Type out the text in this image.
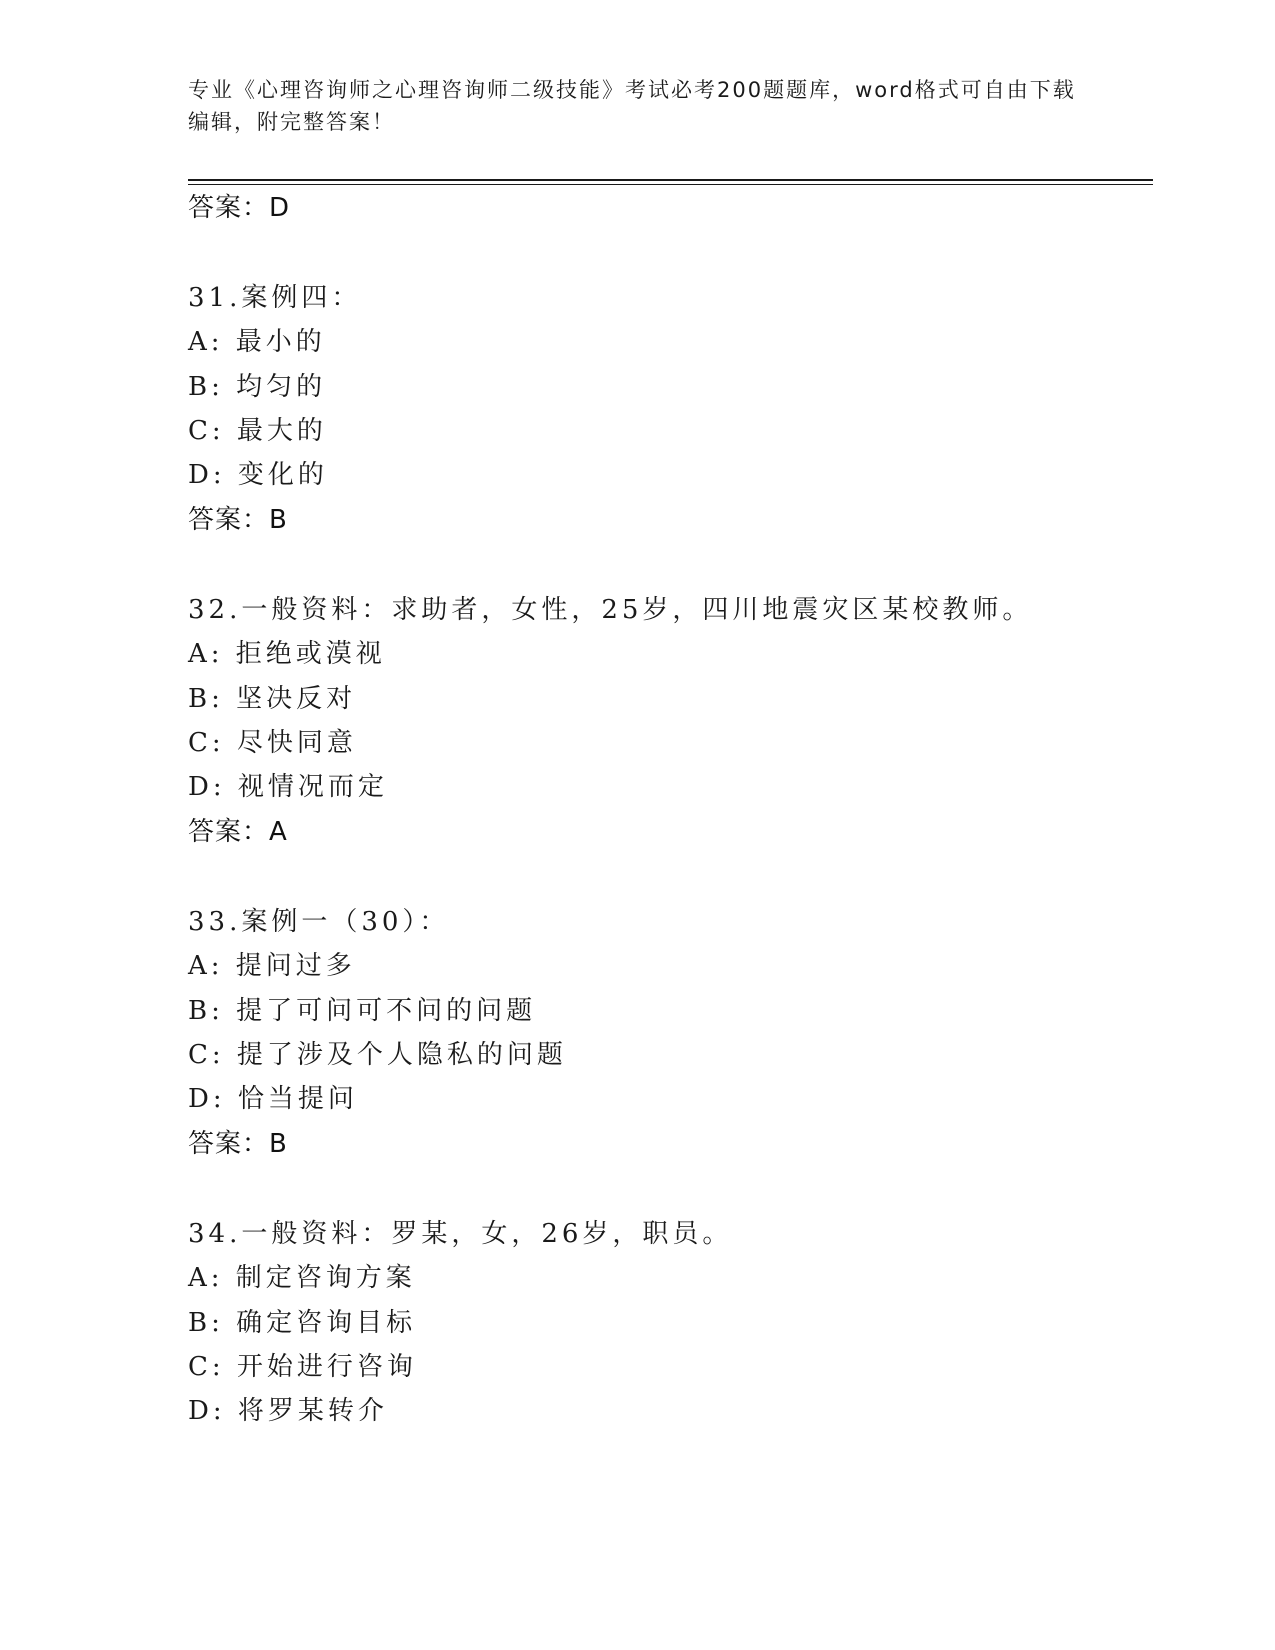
专业《心理咨询师之心理咨询师二级技能》考试必考200题题库，word格式可自由下载编辑，附完整答案！
答案：D
31.案例四：
A: 最小的
B: 均匀的
C: 最大的
D: 变化的
答案：B
32.一般资料：求助者，女性，25岁，四川地震灾区某校教师。
A: 拒绝或漠视
B: 坚决反对
C: 尽快同意
D: 视情况而定
答案：A
33.案例一（30）：
A: 提问过多
B: 提了可问可不问的问题
C: 提了涉及个人隐私的问题
D: 恰当提问
答案：B
34.一般资料：罗某，女，26岁，职员。
A: 制定咨询方案
B: 确定咨询目标
C: 开始进行咨询
D: 将罗某转介
